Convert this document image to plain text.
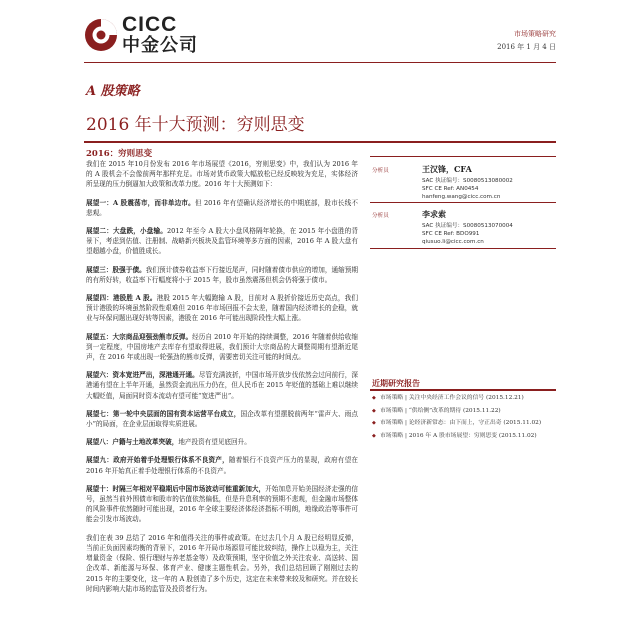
CICC
中金公司
市场策略研究
2016 年 1 月 4 日
A 股策略
2016 年十大预测：穷则思变
2016：穷则思变

我们在 2015 年10月份发布 2016 年市场展望《2016，穷则思变》中，我们认为 2016 年的 A 股机会不会像前两年那样充足。市场对货币政策大幅放松已经反映较为充足，实体经济所呈现的压力倒逼加大政策和改革力度。2016 年十大预测如下：

展望一：A 股震荡市，而非单边市。但 2016 年有望确认经济增长的中期底部，股市长线不悲观。

展望二：大盘跌，小盘输。2012 年至今 A 股大小盘风格隔年轮换，在 2015 年小盘胜的背景下，考虑到估值、注册制、战略新兴板块及监管环境等多方面的因素，2016 年 A 股大盘有望超越小盘，价值胜成长。

展望三：股强于债。我们预计债券收益率下行接近尾声，同时随着债市供应的增加，通缩预期的有所好转，收益率下行幅度将小于 2015 年，股市虽然震荡但机会仍将强于债市。

展望四：港股胜 A 股。港股 2015 年大幅跑输 A 股，目前对 A 股折价接近历史高点，我们预计港股的环境虽然阶段性艰难但 2016 年市场回报不会太差，随着国内经济增长的企稳，就业与环保问题出现好转等因素，港股在 2016 年可能出现阶段性大幅上涨。

展望五：大宗商品迎强劲熊市反弹。经历自 2010 年开始的持续调整，2016 年随着供给收缩到一定程度，中国房地产去库存有望取得进展，我们预计大宗商品的大调整周期有望渐近尾声，在 2016 年或出现一轮强劲的熊市反弹，需要密切关注可能的时间点。

展望六：资本宽进严出，深港通开通。尽管充满波折，中国市场开放步伐依然会过问前行，深港通有望在上半年开通，虽然资金流出压力仍在，但人民币在 2015 年贬值的基础上难以继续大幅贬值，局面同时资本流动有望可能“宽进严出”。

展望七：第一轮中央层面的国有资本运营平台成立，国企改革有望摆脱前两年“雷声大、雨点小”的局面，在企业层面取得实质进展。

展望八：户籍与土地改革突破，地产投资有望见底回升。

展望九：政府开始着手处理银行体系不良资产，随着银行不良资产压力的显现，政府有望在 2016 年开始真正着手处理银行体系的不良资产。

展望十：时隔三年相对平稳期后中国市场波动可能重新加大，开始加息开始美国经济走强的信号，虽然当前外围债市和股市的估值依然偏低，但是升息利率的预期不悲观，但金融市场整体的风险事件依然随时可能出现，2016 年全球主要经济体经济指标不明朗，地缘政治等事件可能会引发市场波动。

我们在表 39 总结了 2016 年和值得关注的事件或政策。在过去几个月 A 股已经明显反弹，当前正负面因素均衡的背景下，2016 年开局市场源显可能比较纠结，操作上以稳为主，关注增量资金（保险、银行理财与养老基金等）及政策预期，坚守价值之外关注农业、高送转、国企改革、新能源与环保、体育产业、健康主题性机会。另外，我们总结回顾了刚刚过去的 2015 年的主要变化，这一年的 A 股创造了多个历史，这定在未来带来较及和研究。并在较长时间内影响大陆市场的监管及投资者行为。

分析员	王汉锋，CFA
SAC 执证编号：S0080513080002
SFC CE Ref: AN0454
hanfeng.wang@cicc.com.cn
分析员	李求索
SAC 执证编号：S0080513070004
SFC CE Ref: BDO991
qiusuo.li@cicc.com.cn
近期研究报告
◆ 市场策略 | 关注中央经济工作会议的信号 (2015.12.21)
◆ 市场策略 | “供给侧”改革的期待 (2015.11.22)
◆ 市场策略 | 论经济新常态：由下而上，守正出奇 (2015.11.02)
◆ 市场策略 | 2016 年 A 股市场展望：穷则思变 (2015.11.02)
